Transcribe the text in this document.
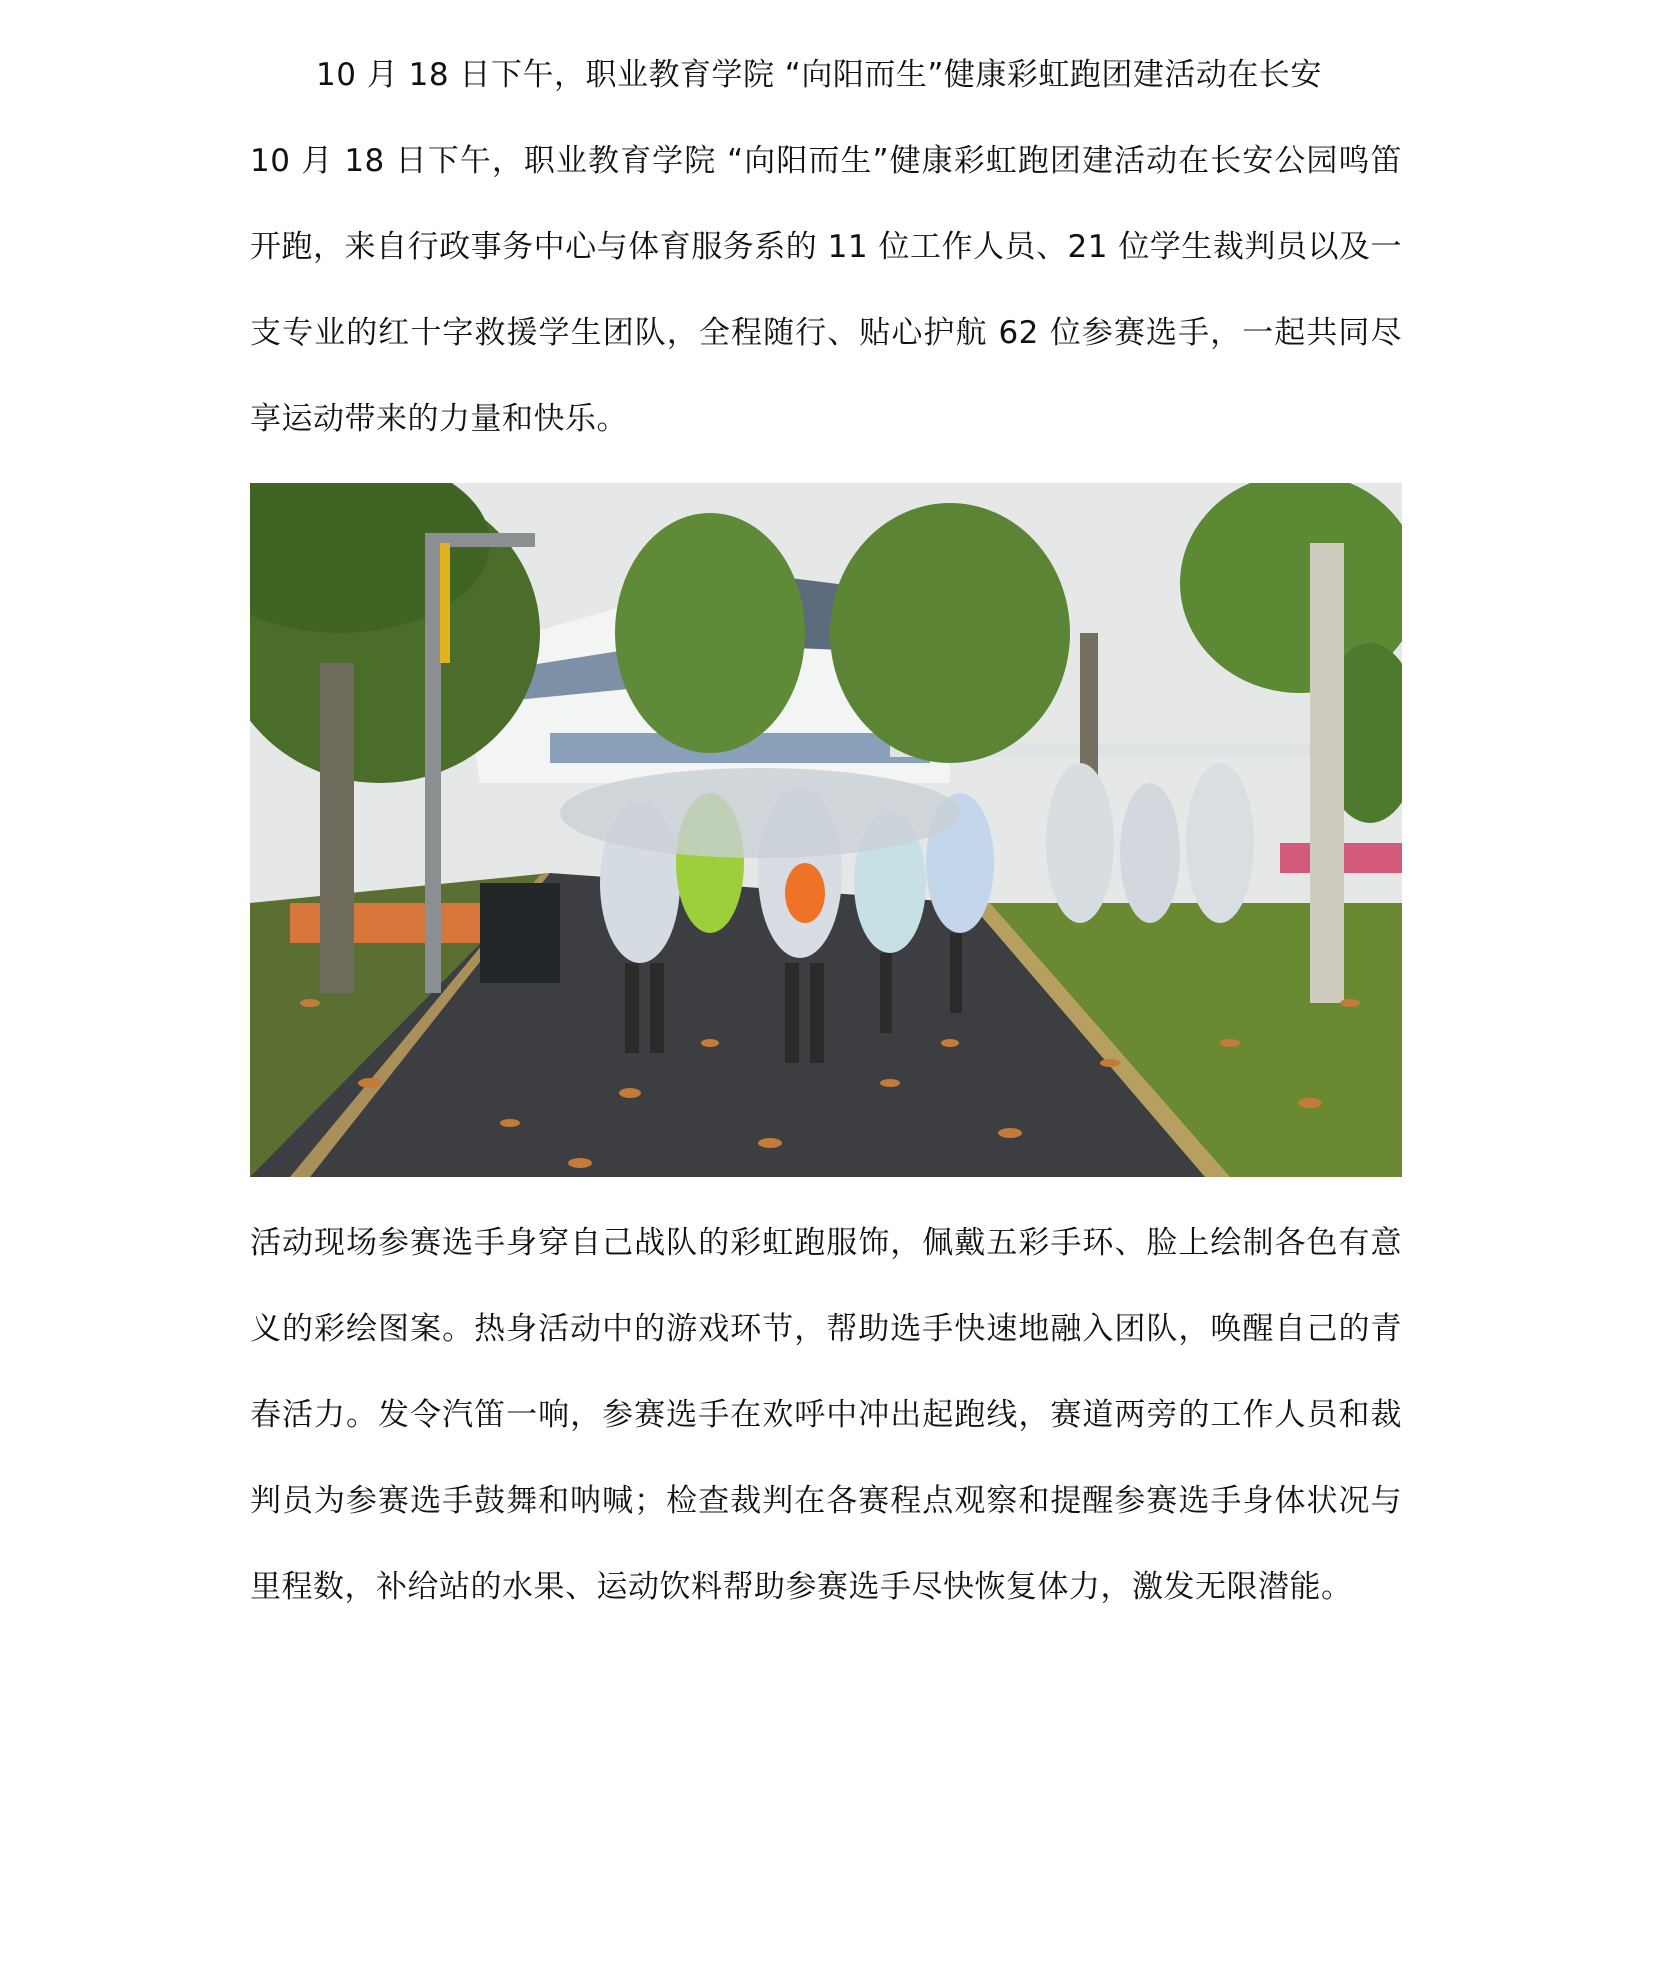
10 月 18 日下午，职业教育学院 “向阳而生”健康彩虹跑团建活动在长安

10 月 18 日下午，职业教育学院 “向阳而生”健康彩虹跑团建活动在长安公园鸣笛开跑，来自行政事务中心与体育服务系的 11 位工作人员、21 位学生裁判员以及一支专业的红十字救援学生团队，全程随行、贴心护航 62 位参赛选手，一起共同尽享运动带来的力量和快乐。

活动现场参赛选手身穿自己战队的彩虹跑服饰，佩戴五彩手环、脸上绘制各色有意义的彩绘图案。热身活动中的游戏环节，帮助选手快速地融入团队，唤醒自己的青春活力。发令汽笛一响，参赛选手在欢呼中冲出起跑线，赛道两旁的工作人员和裁判员为参赛选手鼓舞和呐喊；检查裁判在各赛程点观察和提醒参赛选手身体状况与里程数，补给站的水果、运动饮料帮助参赛选手尽快恢复体力，激发无限潜能。
